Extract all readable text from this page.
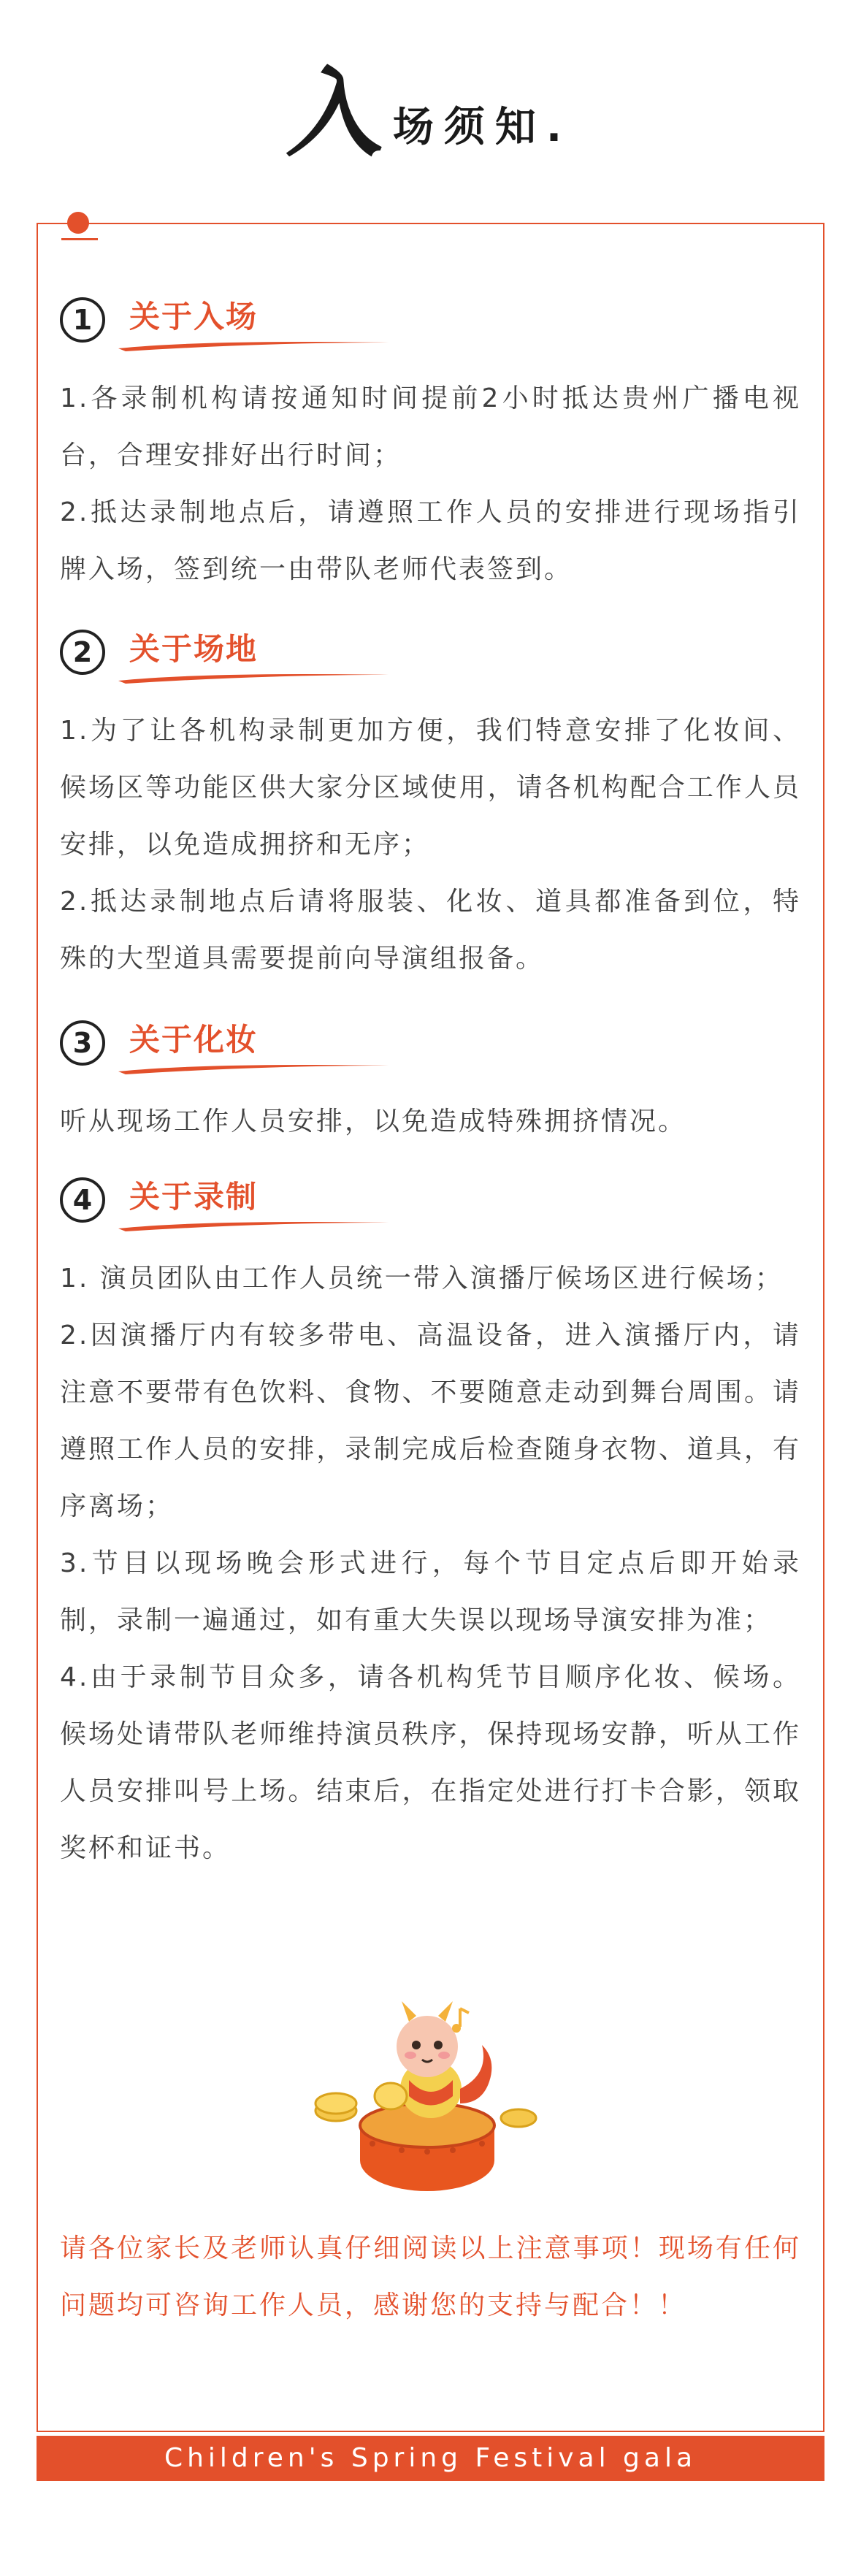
入场须知.
1	关于入场

1.各录制机构请按通知时间提前2小时抵达贵州广播电视台，合理安排好出行时间；

2.抵达录制地点后，请遵照工作人员的安排进行现场指引牌入场，签到统一由带队老师代表签到。

2	关于场地

1.为了让各机构录制更加方便，我们特意安排了化妆间、候场区等功能区供大家分区域使用，请各机构配合工作人员安排，以免造成拥挤和无序；

2.抵达录制地点后请将服装、化妆、道具都准备到位，特殊的大型道具需要提前向导演组报备。

3	关于化妆

听从现场工作人员安排，以免造成特殊拥挤情况。

4	关于录制

1. 演员团队由工作人员统一带入演播厅候场区进行候场；

2.因演播厅内有较多带电、高温设备，进入演播厅内，请注意不要带有色饮料、食物、不要随意走动到舞台周围。请遵照工作人员的安排，录制完成后检查随身衣物、道具，有序离场；

3.节目以现场晚会形式进行，每个节目定点后即开始录制，录制一遍通过，如有重大失误以现场导演安排为准；

4.由于录制节目众多，请各机构凭节目顺序化妆、候场。候场处请带队老师维持演员秩序，保持现场安静，听从工作人员安排叫号上场。结束后，在指定处进行打卡合影，领取奖杯和证书。

请各位家长及老师认真仔细阅读以上注意事项！现场有任何问题均可咨询工作人员，感谢您的支持与配合！！

Children's Spring Festival gala
